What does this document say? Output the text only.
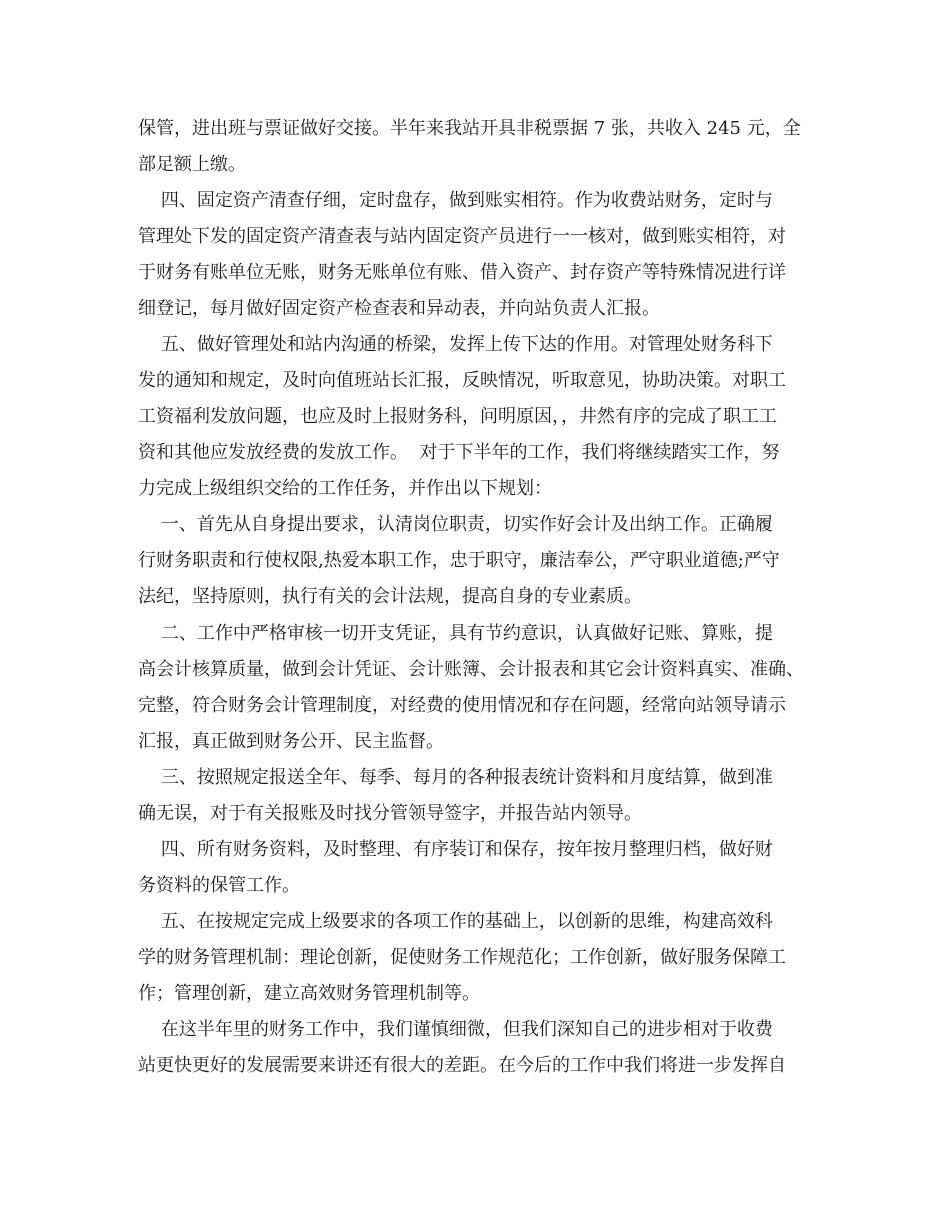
保管，进出班与票证做好交接。半年来我站开具非税票据 7 张，共收入 245 元，全
部足额上缴。
四、固定资产清查仔细，定时盘存，做到账实相符。作为收费站财务，定时与
管理处下发的固定资产清查表与站内固定资产员进行一一核对，做到账实相符，对
于财务有账单位无账，财务无账单位有账、借入资产、封存资产等特殊情况进行详
细登记，每月做好固定资产检查表和异动表，并向站负责人汇报。
五、做好管理处和站内沟通的桥梁，发挥上传下达的作用。对管理处财务科下
发的通知和规定，及时向值班站长汇报，反映情况，听取意见，协助决策。对职工
工资福利发放问题，也应及时上报财务科，问明原因，，井然有序的完成了职工工
资和其他应发放经费的发放工作。  对于下半年的工作，我们将继续踏实工作，努
力完成上级组织交给的工作任务，并作出以下规划：
一、首先从自身提出要求，认清岗位职责，切实作好会计及出纳工作。正确履
行财务职责和行使权限,热爱本职工作，忠于职守，廉洁奉公，严守职业道德;严守
法纪，坚持原则，执行有关的会计法规，提高自身的专业素质。
二、工作中严格审核一切开支凭证，具有节约意识，认真做好记账、算账，提
高会计核算质量，做到会计凭证、会计账簿、会计报表和其它会计资料真实、准确、
完整，符合财务会计管理制度，对经费的使用情况和存在问题，经常向站领导请示
汇报，真正做到财务公开、民主监督。
三、按照规定报送全年、每季、每月的各种报表统计资料和月度结算，做到准
确无误，对于有关报账及时找分管领导签字，并报告站内领导。
四、所有财务资料，及时整理、有序装订和保存，按年按月整理归档，做好财
务资料的保管工作。
五、在按规定完成上级要求的各项工作的基础上，以创新的思维，构建高效科
学的财务管理机制：理论创新，促使财务工作规范化；工作创新，做好服务保障工
作；管理创新，建立高效财务管理机制等。
在这半年里的财务工作中，我们谨慎细微，但我们深知自己的进步相对于收费
站更快更好的发展需要来讲还有很大的差距。在今后的工作中我们将进一步发挥自
